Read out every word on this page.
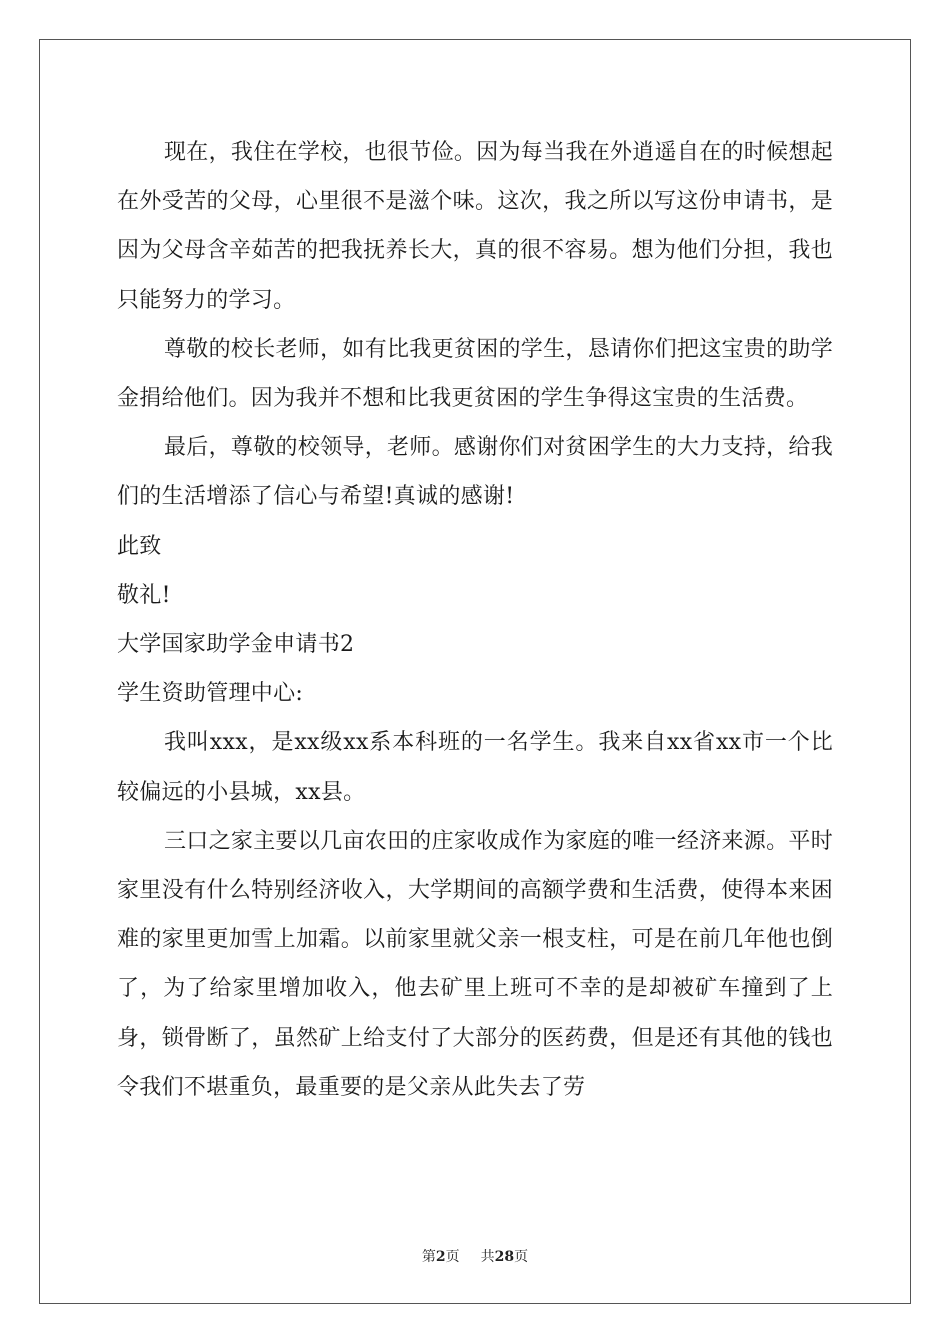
现在，我住在学校，也很节俭。因为每当我在外逍遥自在的时候想起在外受苦的父母，心里很不是滋个味。这次，我之所以写这份申请书，是因为父母含辛茹苦的把我抚养长大，真的很不容易。想为他们分担，我也只能努力的学习。

尊敬的校长老师，如有比我更贫困的学生，恳请你们把这宝贵的助学金捐给他们。因为我并不想和比我更贫困的学生争得这宝贵的生活费。

最后，尊敬的校领导，老师。感谢你们对贫困学生的大力支持，给我们的生活增添了信心与希望!真诚的感谢!

此致

敬礼!

大学国家助学金申请书2

学生资助管理中心:

我叫xxx，是xx级xx系本科班的一名学生。我来自xx省xx市一个比较偏远的小县城，xx县。

三口之家主要以几亩农田的庄家收成作为家庭的唯一经济来源。平时家里没有什么特别经济收入，大学期间的高额学费和生活费，使得本来困难的家里更加雪上加霜。以前家里就父亲一根支柱，可是在前几年他也倒了，为了给家里增加收入，他去矿里上班可不幸的是却被矿车撞到了上身，锁骨断了，虽然矿上给支付了大部分的医药费，但是还有其他的钱也令我们不堪重负，最重要的是父亲从此失去了劳

第2页 共28页
